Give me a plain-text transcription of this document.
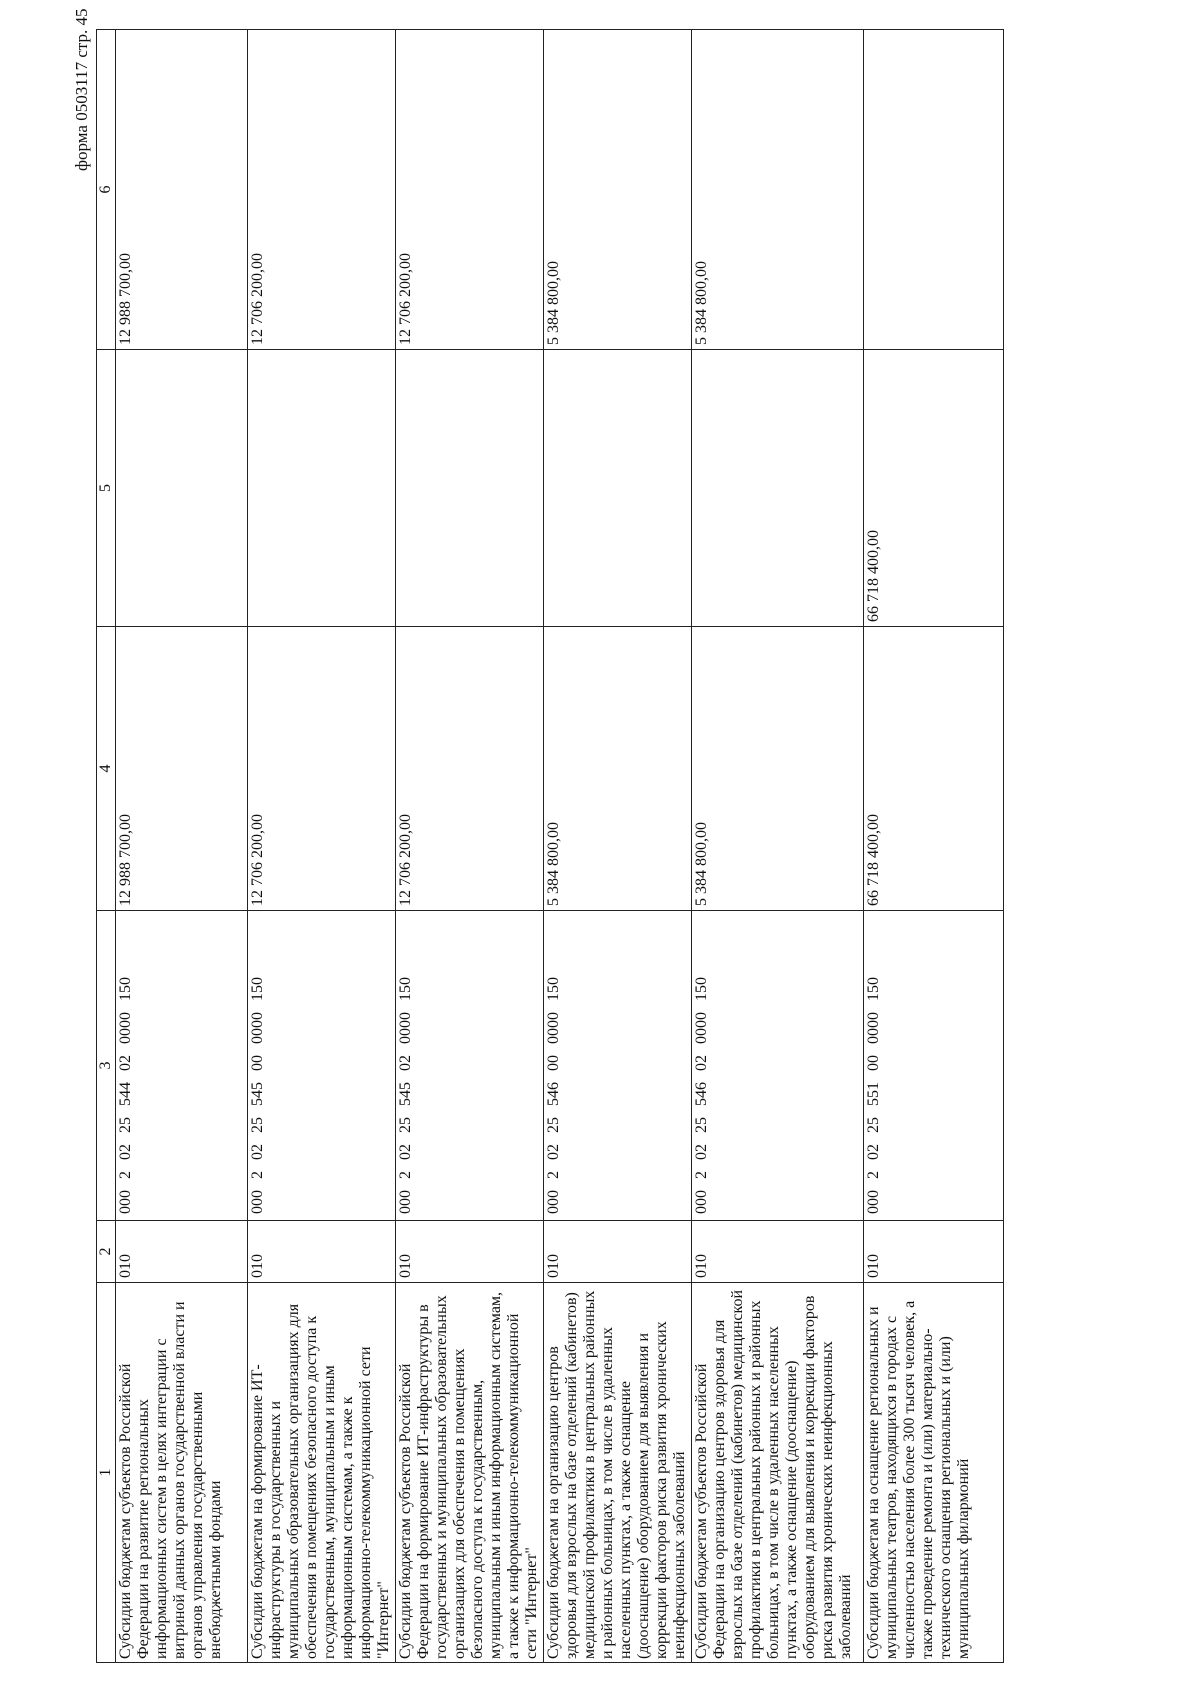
форма 0503117 стр. 45
1	2	3	4	5	6
Субсидии бюджетам субъектов Российской Федерации на развитие региональных информационных систем в целях интеграции с витриной данных органов государственной власти и органов управления государственными внебюджетными фондами	010	000 2 02 25 544 02 0000 150	12 988 700,00		12 988 700,00
Субсидии бюджетам на формирование ИТ-инфраструктуры в государственных и муниципальных образовательных организациях для обеспечения в помещениях безопасного доступа к государственным, муниципальным и иным информационным системам, а также к информационно-телекоммуникационной сети "Интернет"	010	000 2 02 25 545 00 0000 150	12 706 200,00		12 706 200,00
Субсидии бюджетам субъектов Российской Федерации на формирование ИТ-инфраструктуры в государственных и муниципальных образовательных организациях для обеспечения в помещениях безопасного доступа к государственным, муниципальным и иным информационным системам, а также к информационно-телекоммуникационной сети "Интернет"	010	000 2 02 25 545 02 0000 150	12 706 200,00		12 706 200,00
Субсидии бюджетам на организацию центров здоровья для взрослых на базе отделений (кабинетов) медицинской профилактики в центральных районных и районных больницах, в том числе в удаленных населенных пунктах, а также оснащение (дооснащение) оборудованием для выявления и коррекции факторов риска развития хронических неинфекционных заболеваний	010	000 2 02 25 546 00 0000 150	5 384 800,00		5 384 800,00
Субсидии бюджетам субъектов Российской Федерации на организацию центров здоровья для взрослых на базе отделений (кабинетов) медицинской профилактики в центральных районных и районных больницах, в том числе в удаленных населенных пунктах, а также оснащение (дооснащение) оборудованием для выявления и коррекции факторов риска развития хронических неинфекционных заболеваний	010	000 2 02 25 546 02 0000 150	5 384 800,00		5 384 800,00
Субсидии бюджетам на оснащение региональных и муниципальных театров, находящихся в городах с численностью населения более 300 тысяч человек, а также проведение ремонта и (или) материально-технического оснащения региональных и (или) муниципальных филармоний	010	000 2 02 25 551 00 0000 150	66 718 400,00	66 718 400,00	
